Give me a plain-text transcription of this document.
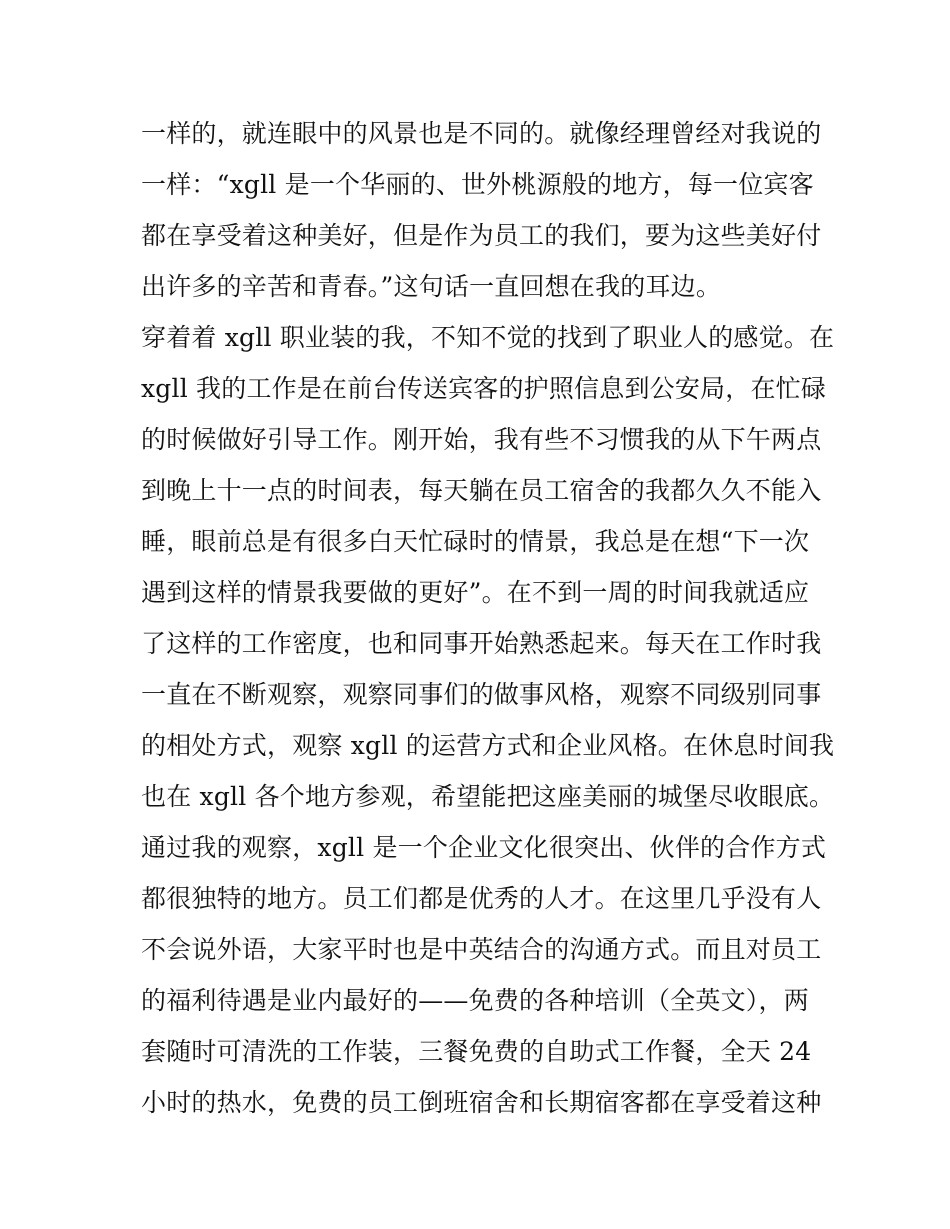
一样的，就连眼中的风景也是不同的。就像经理曾经对我说的
一样：“xgll 是一个华丽的、世外桃源般的地方，每一位宾客
都在享受着这种美好，但是作为员工的我们，要为这些美好付
出许多的辛苦和青春。”这句话一直回想在我的耳边。
穿着着 xgll 职业装的我，不知不觉的找到了职业人的感觉。在
xgll 我的工作是在前台传送宾客的护照信息到公安局，在忙碌
的时候做好引导工作。刚开始，我有些不习惯我的从下午两点
到晚上十一点的时间表，每天躺在员工宿舍的我都久久不能入
睡，眼前总是有很多白天忙碌时的情景，我总是在想“下一次
遇到这样的情景我要做的更好”。在不到一周的时间我就适应
了这样的工作密度，也和同事开始熟悉起来。每天在工作时我
一直在不断观察，观察同事们的做事风格，观察不同级别同事
的相处方式，观察 xgll 的运营方式和企业风格。在休息时间我
也在 xgll 各个地方参观，希望能把这座美丽的城堡尽收眼底。
通过我的观察，xgll 是一个企业文化很突出、伙伴的合作方式
都很独特的地方。员工们都是优秀的人才。在这里几乎没有人
不会说外语，大家平时也是中英结合的沟通方式。而且对员工
的福利待遇是业内最好的——免费的各种培训（全英文），两
套随时可清洗的工作装，三餐免费的自助式工作餐，全天 24
小时的热水，免费的员工倒班宿舍和长期宿客都在享受着这种
